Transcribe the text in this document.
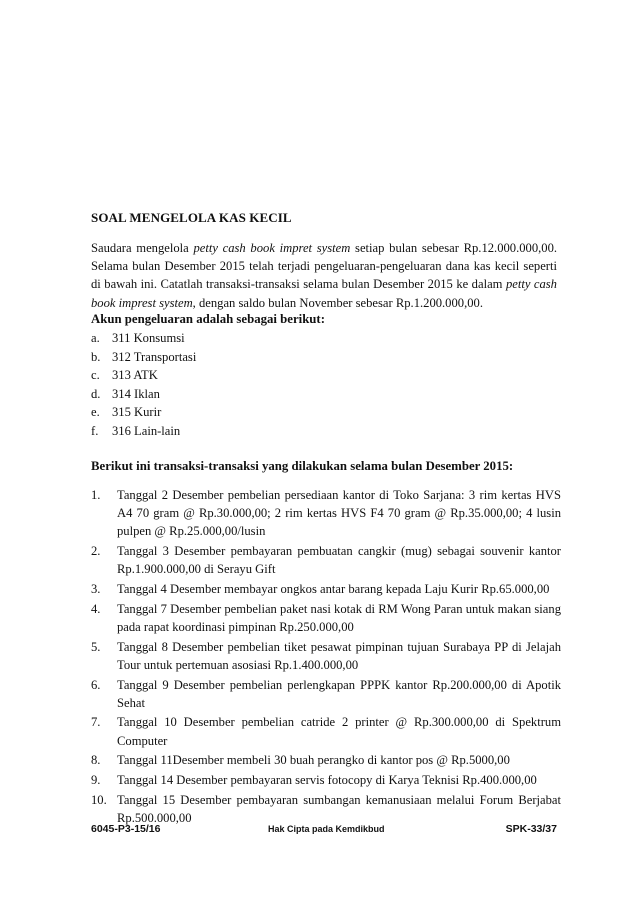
SOAL MENGELOLA KAS KECIL

Saudara mengelola petty cash book impret system setiap bulan sebesar Rp.12.000.000,00. Selama bulan Desember 2015 telah terjadi pengeluaran-pengeluaran dana kas kecil seperti di bawah ini. Catatlah transaksi-transaksi selama bulan Desember 2015 ke dalam petty cash book imprest system, dengan saldo bulan November sebesar Rp.1.200.000,00.

Akun pengeluaran adalah sebagai berikut:
a. 311 Konsumsi
b. 312 Transportasi
c. 313 ATK
d. 314 Iklan
e. 315 Kurir
f.	316 Lain-lain
Berikut ini transaksi-transaksi yang dilakukan selama bulan Desember 2015:
1.	Tanggal 2 Desember pembelian persediaan kantor di Toko Sarjana: 3 rim kertas HVS A4 70 gram @ Rp.30.000,00; 2 rim kertas HVS F4 70 gram @ Rp.35.000,00; 4 lusin pulpen @ Rp.25.000,00/lusin
2.	Tanggal 3 Desember pembayaran pembuatan cangkir (mug) sebagai souvenir kantor Rp.1.900.000,00 di Serayu Gift
3.	Tanggal 4 Desember membayar ongkos antar barang kepada Laju Kurir Rp.65.000,00
4.	Tanggal 7 Desember pembelian paket nasi kotak di RM Wong Paran untuk makan siang pada rapat koordinasi pimpinan Rp.250.000,00
5.	Tanggal 8 Desember pembelian tiket pesawat pimpinan tujuan Surabaya PP di Jelajah Tour untuk pertemuan asosiasi Rp.1.400.000,00
6.	Tanggal 9 Desember pembelian perlengkapan PPPK kantor Rp.200.000,00 di Apotik Sehat
7.	Tanggal 10 Desember pembelian catride 2 printer @ Rp.300.000,00 di Spektrum Computer
8.	Tanggal 11Desember membeli 30 buah perangko di kantor pos @ Rp.5000,00
9.	Tanggal 14 Desember pembayaran servis fotocopy di Karya Teknisi Rp.400.000,00
10. Tanggal 15 Desember pembayaran sumbangan kemanusiaan melalui Forum Berjabat Rp.500.000,00
6045-P3-15/16	Hak Cipta pada Kemdikbud	SPK-33/37
